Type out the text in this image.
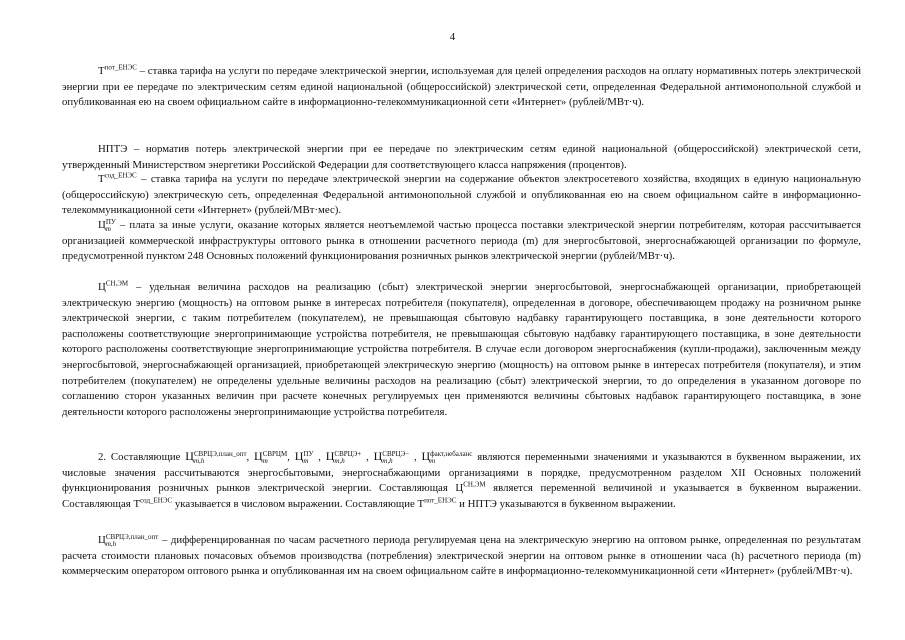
4
$T^{пот\_ЕНЭС}$ – ставка тарифа на услуги по передаче электрической энергии, используемая для целей определения расходов на оплату нормативных потерь электрической энергии при ее передаче по электрическим сетям единой национальной (общероссийской) электрической сети, определенная Федеральной антимонопольной службой и опубликованная ею на своем официальном сайте в информационно-телекоммуникационной сети «Интернет» (рублей/МВт·ч).
НПТЭ – норматив потерь электрической энергии при ее передаче по электрическим сетям единой национальной (общероссийской) электрической сети, утвержденный Министерством энергетики Российской Федерации для соответствующего класса напряжения (процентов).
$T^{сод\_ЕНЭС}$ – ставка тарифа на услуги по передаче электрической энергии на содержание объектов электросетевого хозяйства, входящих в единую национальную (общероссийскую) электрическую сеть, определенная Федеральной антимонопольной службой и опубликованная ею на своем официальном сайте в информационно-телекоммуникационной сети «Интернет» (рублей/МВт·мес).
Ц ПУ
m – плата за иные услуги, оказание которых является неотъемлемой частью процесса поставки электрической энергии потребителям, которая рассчитывается организацией коммерческой инфраструктуры оптового рынка в отношении расчетного периода (m) для энергосбытовой, энергоснабжающей организации по формуле, предусмотренной пунктом 248 Основных положений функционирования розничных рынков электрической энергии (рублей/МВт·ч).
$Ц^{СН,ЭМ}$ – удельная величина расходов на реализацию (сбыт) электрической энергии энергосбытовой, энергоснабжающей организации, приобретающей электрическую энергию (мощность) на оптовом рынке в интересах потребителя (покупателя), определенная в договоре, обеспечивающем продажу на розничном рынке электрической энергии, с таким потребителем (покупателем), не превышающая сбытовую надбавку гарантирующего поставщика, в зоне деятельности которого расположены соответствующие энергопринимающие устройства потребителя, не превышающая сбытовую надбавку гарантирующего поставщика, в зоне деятельности которого расположены соответствующие энергопринимающие устройства потребителя. В случае если договором энергоснабжения (купли-продажи), заключенным между энергосбытовой, энергоснабжающей организацией, приобретающей электрическую энергию (мощность) на оптовом рынке в интересах потребителя (покупателя), и этим потребителем (покупателем) не определены удельные величины расходов на реализацию (сбыт) электрической энергии, то до определения в указанном договоре по соглашению сторон указанных величин при расчете конечных регулируемых цен применяются величины сбытовых надбавок гарантирующего поставщика, в зоне деятельности которого расположены энергопринимающие устройства потребителя.
2. Составляющие Ц СВРЦЭ,план_опт
m,h	, Ц СВРЦМ
m	, Ц ПУ
m , Ц СВРЦЭ+
m,h	, Ц СВРЦЭ−
m,h	, Ц факт,небаланс
m	являются переменными значениями и указываются в буквенном выражении, их числовые значения рассчитываются энергосбытовыми, энергоснабжающими организациями в порядке, предусмотренном разделом XII Основных положений функционирования розничных рынков электрической энергии. Составляющая $Ц^{СН,ЭМ}$ является переменной величиной и указывается в буквенном выражении. Составляющая $T^{сод\_ЕНЭС}$ указывается в числовом выражении. Составляющие $T^{пот\_ЕНЭС}$ и НПТЭ указываются в буквенном выражении.
Ц СВРЦЭ,план_опт
m,h	– дифференцированная по часам расчетного периода регулируемая цена на электрическую энергию на оптовом рынке, определенная по результатам расчета стоимости плановых почасовых объемов производства (потребления) электрической энергии на оптовом рынке в отношении часа (h) расчетного периода (m) коммерческим оператором оптового рынка и опубликованная им на своем официальном сайте в информационно-телекоммуникационной сети «Интернет» (рублей/МВт·ч).
